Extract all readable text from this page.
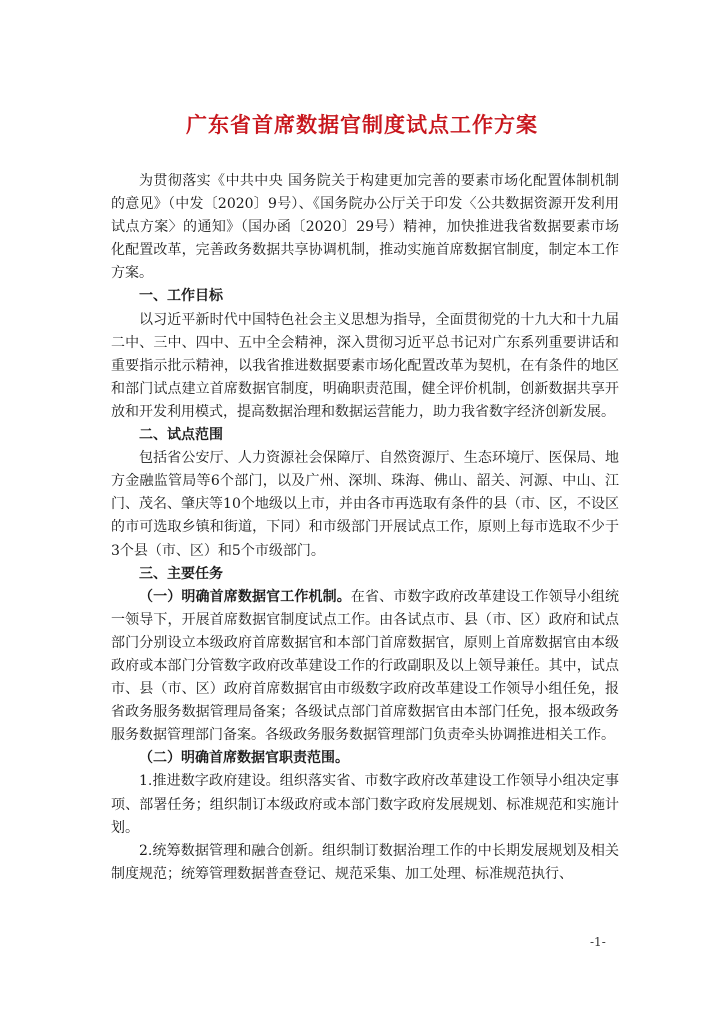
广东省首席数据官制度试点工作方案

为贯彻落实《中共中央 国务院关于构建更加完善的要素市场化配置体制机制的意见》（中发〔2020〕9号）、《国务院办公厅关于印发〈公共数据资源开发利用试点方案〉的通知》（国办函〔2020〕29号）精神，加快推进我省数据要素市场化配置改革，完善政务数据共享协调机制，推动实施首席数据官制度，制定本工作方案。

一、工作目标

以习近平新时代中国特色社会主义思想为指导，全面贯彻党的十九大和十九届二中、三中、四中、五中全会精神，深入贯彻习近平总书记对广东系列重要讲话和重要指示批示精神，以我省推进数据要素市场化配置改革为契机，在有条件的地区和部门试点建立首席数据官制度，明确职责范围，健全评价机制，创新数据共享开放和开发利用模式，提高数据治理和数据运营能力，助力我省数字经济创新发展。

二、试点范围

包括省公安厅、人力资源社会保障厅、自然资源厅、生态环境厅、医保局、地方金融监管局等6个部门，以及广州、深圳、珠海、佛山、韶关、河源、中山、江门、茂名、肇庆等10个地级以上市，并由各市再选取有条件的县（市、区，不设区的市可选取乡镇和街道，下同）和市级部门开展试点工作，原则上每市选取不少于3个县（市、区）和5个市级部门。

三、主要任务

（一）明确首席数据官工作机制。在省、市数字政府改革建设工作领导小组统一领导下，开展首席数据官制度试点工作。由各试点市、县（市、区）政府和试点部门分别设立本级政府首席数据官和本部门首席数据官，原则上首席数据官由本级政府或本部门分管数字政府改革建设工作的行政副职及以上领导兼任。其中，试点市、县（市、区）政府首席数据官由市级数字政府改革建设工作领导小组任免，报省政务服务数据管理局备案；各级试点部门首席数据官由本部门任免，报本级政务服务数据管理部门备案。各级政务服务数据管理部门负责牵头协调推进相关工作。

（二）明确首席数据官职责范围。

1.推进数字政府建设。组织落实省、市数字政府改革建设工作领导小组决定事项、部署任务；组织制订本级政府或本部门数字政府发展规划、标准规范和实施计划。

2.统筹数据管理和融合创新。组织制订数据治理工作的中长期发展规划及相关制度规范；统筹管理数据普查登记、规范采集、加工处理、标准规范执行、

-1-
